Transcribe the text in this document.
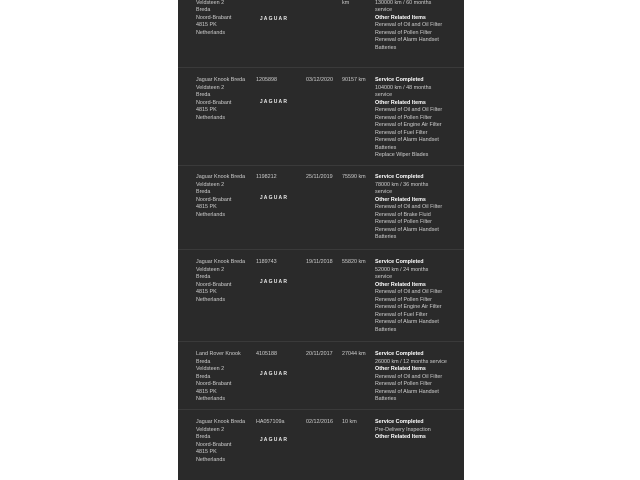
Veldsteen 2
Breda
Noord-Brabant
4815 PK
Netherlands
JAGUAR
km	130000 km / 60 months
service
Other Related Items
Renewal of Oil and Oil Filter
Renewal of Pollen Filter
Renewal of Alarm Handset
Batteries
Jaguar Knook Breda
Veldsteen 2
Breda
Noord-Brabant
4815 PK
Netherlands
1205898
JAGUAR
03/12/2020	90157 km	Service Completed
104000 km / 48 months
service
Other Related Items
Renewal of Oil and Oil Filter
Renewal of Pollen Filter
Renewal of Engine Air Filter
Renewal of Fuel Filter
Renewal of Alarm Handset
Batteries
Replace Wiper Blades
Jaguar Knook Breda
Veldsteen 2
Breda
Noord-Brabant
4815 PK
Netherlands
1198212
JAGUAR
25/11/2019	75590 km	Service Completed
78000 km / 36 months
service
Other Related Items
Renewal of Oil and Oil Filter
Renewal of Brake Fluid
Renewal of Pollen Filter
Renewal of Alarm Handset
Batteries
Jaguar Knook Breda
Veldsteen 2
Breda
Noord-Brabant
4815 PK
Netherlands
1189743
JAGUAR
19/11/2018	55820 km	Service Completed
52000 km / 24 months
service
Other Related Items
Renewal of Oil and Oil Filter
Renewal of Pollen Filter
Renewal of Engine Air Filter
Renewal of Fuel Filter
Renewal of Alarm Handset
Batteries
Land Rover Knook
Breda
Veldsteen 2
Breda
Noord-Brabant
4815 PK
Netherlands
4105188
JAGUAR
20/11/2017	27044 km	Service Completed
26000 km / 12 months service
Other Related Items
Renewal of Oil and Oil Filter
Renewal of Pollen Filter
Renewal of Alarm Handset
Batteries
Jaguar Knook Breda
Veldsteen 2
Breda
Noord-Brabant
4815 PK
Netherlands
HA057109a
JAGUAR
02/12/2016	10 km	Service Completed
Pre-Delivery Inspection
Other Related Items
